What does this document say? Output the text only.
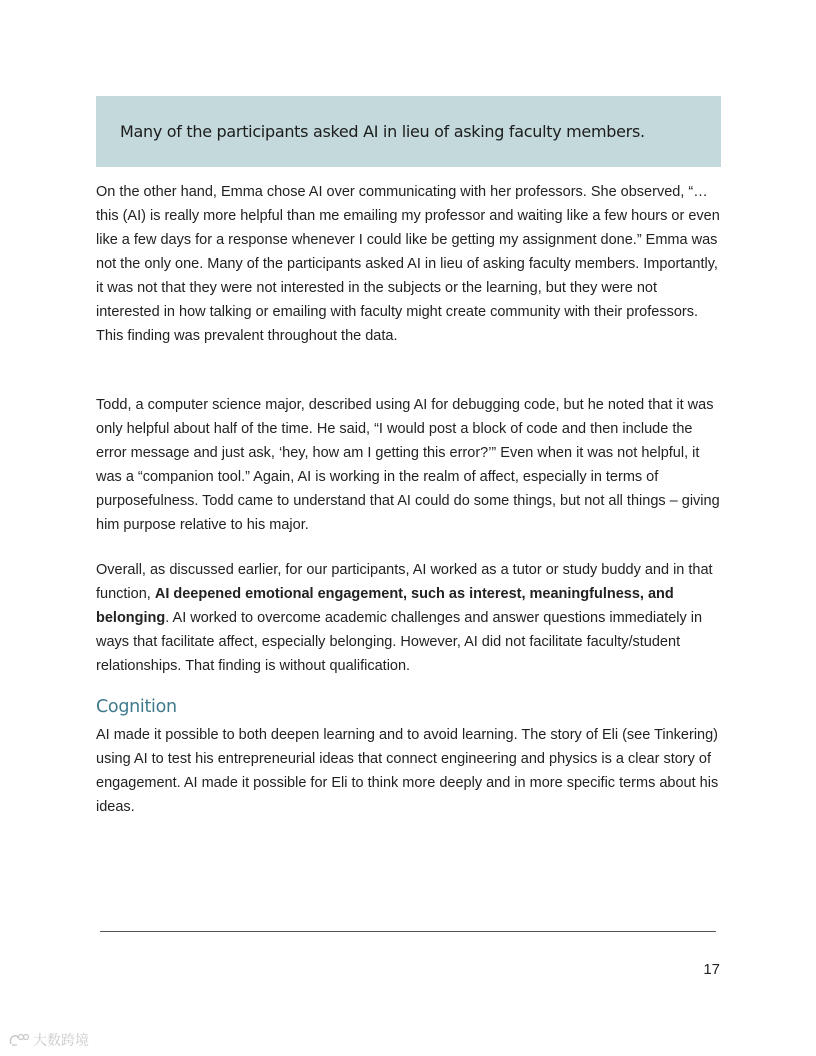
Many of the participants asked AI in lieu of asking faculty members.

On the other hand, Emma chose AI over communicating with her professors. She observed, “… this (AI) is really more helpful than me emailing my professor and waiting like a few hours or even like a few days for a response whenever I could like be getting my assignment done.” Emma was not the only one. Many of the participants asked AI in lieu of asking faculty members. Importantly, it was not that they were not interested in the subjects or the learning, but they were not interested in how talking or emailing with faculty might create community with their professors. This finding was prevalent throughout the data.

Todd, a computer science major, described using AI for debugging code, but he noted that it was only helpful about half of the time. He said, “I would post a block of code and then include the error message and just ask, ‘hey, how am I getting this error?’” Even when it was not helpful, it was a “companion tool.” Again, AI is working in the realm of affect, especially in terms of purposefulness. Todd came to understand that AI could do some things, but not all things – giving him purpose relative to his major.

Overall, as discussed earlier, for our participants, AI worked as a tutor or study buddy and in that function, AI deepened emotional engagement, such as interest, meaningfulness, and belonging. AI worked to overcome academic challenges and answer questions immediately in ways that facilitate affect, especially belonging. However, AI did not facilitate faculty/student relationships. That finding is without qualification.

Cognition

AI made it possible to both deepen learning and to avoid learning. The story of Eli (see Tinkering) using AI to test his entrepreneurial ideas that connect engineering and physics is a clear story of engagement. AI made it possible for Eli to think more deeply and in more specific terms about his ideas.

17
大数跨境
